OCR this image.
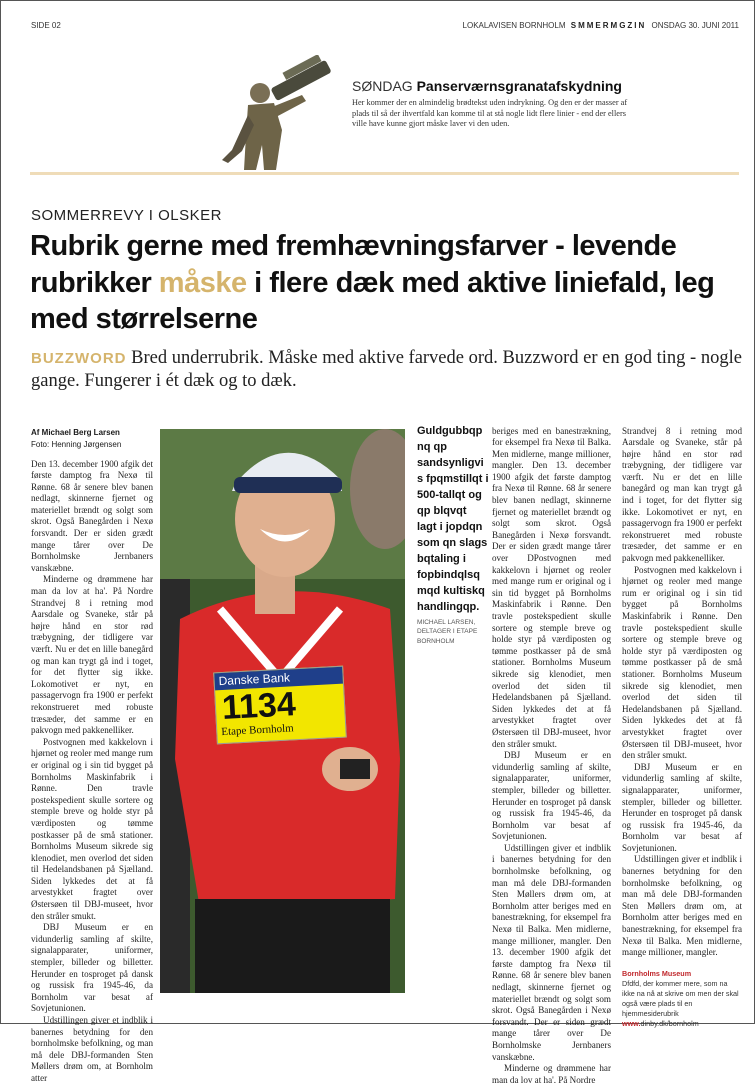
SIDE 02	LOKALAVISEN BORNHOLM SMMERMGZIN ONSDAG 30. JUNI 2011
SØNDAG Panserværnsgranatafskydning

Her kommer der en almindelig brødtekst uden indrykning. Og den er der masser af plads til så der ihvertfald kan komme til at stå nogle lidt flere linier - end der ellers ville have kunne gjort måske laver vi den uden.

SOMMERREVY I OLSKER
Rubrik gerne med fremhævningsfarver - levende rubrikker måske i flere dæk med aktive liniefald, leg med størrelserne
BUZZWORD Bred underrubrik. Måske med aktive farvede ord. Buzzword er en god ting - nogle gange. Fungerer i ét dæk og to dæk.
Af Michael Berg Larsen
Foto: Henning Jørgensen

Den 13. december 1900 afgik det første damptog fra Nexø til Rønne. 68 år senere blev banen nedlagt, skinnerne fjernet og materiellet brændt og solgt som skrot. Også Banegården i Nexø forsvandt. Der er siden grædt mange tårer over De Bornholmske Jernbaners vanskæbne.

Minderne og drømmene har man da lov at ha'. På Nordre Strandvej 8 i retning mod Aarsdale og Svaneke, står på højre hånd en stor rød træbygning, der tidligere var værft. Nu er det en lille banegård og man kan trygt gå ind i toget, for det flytter sig ikke. Lokomotivet er nyt, en passagervogn fra 1900 er perfekt rekonstrueret med robuste træsæder, det samme er en pakvogn med pakkenelliker.

Postvognen med kakkelovn i hjørnet og reoler med mange rum er original og i sin tid bygget på Bornholms Maskinfabrik i Rønne. Den travle postekspedient skulle sortere og stemple breve og holde styr på værdiposten og tømme postkasser på de små stationer. Bornholms Museum sikrede sig klenodiet, men overlod det siden til Hedelandsbanen på Sjælland. Siden lykkedes det at få arvestykket fragtet over Østersøen til DBJ-museet, hvor den stråler smukt.

DBJ Museum er en vidunderlig samling af skilte, signalapparater, uniformer, stempler, billeder og billetter. Herunder en tosproget på dansk og russisk fra 1945-46, da Bornholm var besat af Sovjetunionen.

Udstillingen giver et indblik i banernes betydning for den bornholmske befolkning, og man må dele DBJ-formanden Sten Møllers drøm om, at Bornholm atter

Danske Bank
1134
Etape Bornholm
Guldgubbqpnq qp sandsynligvis fpqmstillqt i 500-tallqt og qp blqvqt lagt i jopdqn som qn slags bqtaling i fopbindqlsq mqd kultiskq handlingqp.
MICHAEL LARSEN, DELTAGER I ETAPE BORNHOLM

beriges med en banestrækning, for eksempel fra Nexø til Balka. Men midlerne, mange millioner, mangler. Den 13. december 1900 afgik det første damptog fra Nexø til Rønne. 68 år senere blev banen nedlagt, skinnerne fjernet og materiellet brændt og solgt som skrot. Også Banegården i Nexø forsvandt. Der er siden grædt mange tårer over DPostvognen med kakkelovn i hjørnet og reoler med mange rum er original og i sin tid bygget på Bornholms Maskinfabrik i Rønne. Den travle postekspedient skulle sortere og stemple breve og holde styr på værdiposten og tømme postkasser på de små stationer. Bornholms Museum sikrede sig klenodiet, men overlod det siden til Hedelandsbanen på Sjælland. Siden lykkedes det at få arvestykket fragtet over Østersøen til DBJ-museet, hvor den stråler smukt.

DBJ Museum er en vidunderlig samling af skilte, signalapparater, uniformer, stempler, billeder og billetter. Herunder en tosproget på dansk og russisk fra 1945-46, da Bornholm var besat af Sovjetunionen.

Udstillingen giver et indblik i banernes betydning for den bornholmske befolkning, og man må dele DBJ-formanden Sten Møllers drøm om, at Bornholm atter beriges med en banestrækning, for eksempel fra Nexø til Balka. Men midlerne, mange millioner, mangler. Den 13. december 1900 afgik det første damptog fra Nexø til Rønne. 68 år senere blev banen nedlagt, skinnerne fjernet og materiellet brændt og solgt som skrot. Også Banegården i Nexø forsvandt. Der er siden grædt mange tårer over De Bornholmske Jernbaners vanskæbne.

Minderne og drømmene har man da lov at ha'. På Nordre

Strandvej 8 i retning mod Aarsdale og Svaneke, står på højre hånd en stor rød træbygning, der tidligere var værft. Nu er det en lille banegård og man kan trygt gå ind i toget, for det flytter sig ikke. Lokomotivet er nyt, en passagervogn fra 1900 er perfekt rekonstrueret med robuste træsæder, det samme er en pakvogn med pakkenelliker.

Postvognen med kakkelovn i hjørnet og reoler med mange rum er original og i sin tid bygget på Bornholms Maskinfabrik i Rønne. Den travle postekspedient skulle sortere og stemple breve og holde styr på værdiposten og tømme postkasser på de små stationer. Bornholms Museum sikrede sig klenodiet, men overlod det siden til Hedelandsbanen på Sjælland. Siden lykkedes det at få arvestykket fragtet over Østersøen til DBJ-museet, hvor den stråler smukt.

DBJ Museum er en vidunderlig samling af skilte, signalapparater, uniformer, stempler, billeder og billetter. Herunder en tosproget på dansk og russisk fra 1945-46, da Bornholm var besat af Sovjetunionen.

Udstillingen giver et indblik i banernes betydning for den bornholmske befolkning, og man må dele DBJ-formanden Sten Møllers drøm om, at Bornholm atter beriges med en banestrækning, for eksempel fra Nexø til Balka. Men midlerne, mange millioner, mangler.

Bornholms Museum
Dfdfd, der kommer mere, som na ikke na nå at skrive om men der skal også være plads til en hjemmesiderubrik
www.dinby.dk/bornholm
